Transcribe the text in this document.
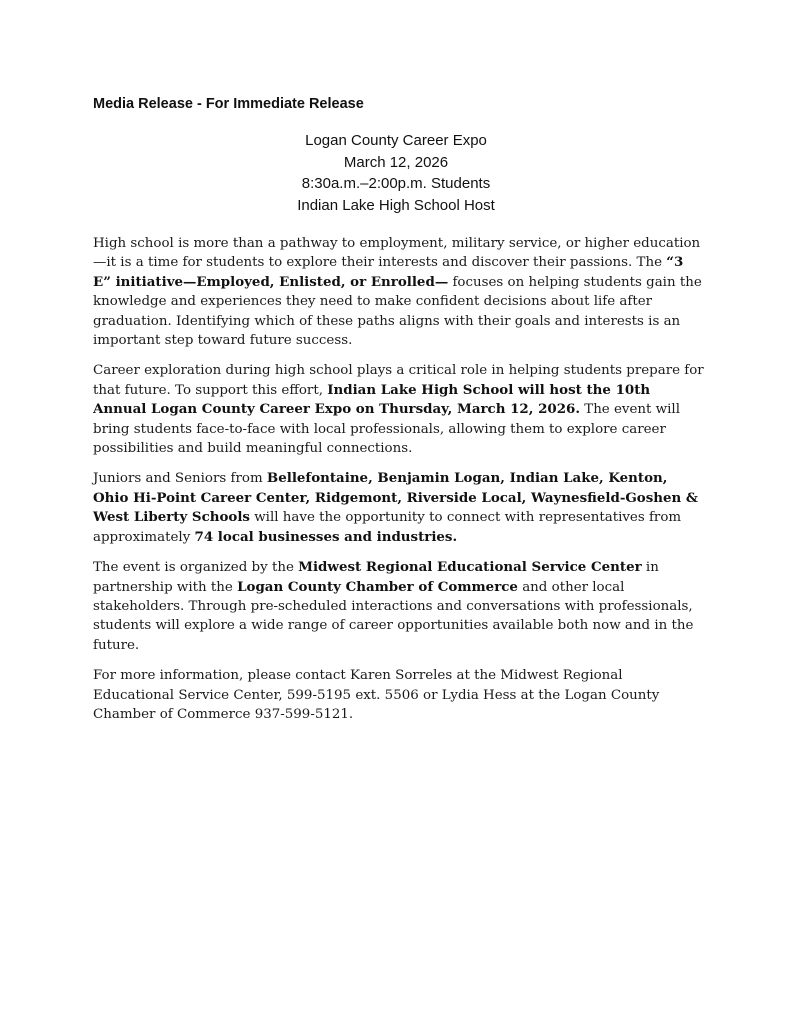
Media Release - For Immediate Release
Logan County Career Expo
March 12, 2026
8:30a.m.–2:00p.m. Students
Indian Lake High School Host

High school is more than a pathway to employment, military service, or higher education—it is a time for students to explore their interests and discover their passions. The “3 E” initiative—Employed, Enlisted, or Enrolled— focuses on helping students gain the knowledge and experiences they need to make confident decisions about life after graduation. Identifying which of these paths aligns with their goals and interests is an important step toward future success.

Career exploration during high school plays a critical role in helping students prepare for that future. To support this effort, Indian Lake High School will host the 10th Annual Logan County Career Expo on Thursday, March 12, 2026. The event will bring students face-to-face with local professionals, allowing them to explore career possibilities and build meaningful connections.

Juniors and Seniors from Bellefontaine, Benjamin Logan, Indian Lake, Kenton, Ohio Hi-Point Career Center, Ridgemont, Riverside Local, Waynesfield-Goshen & West Liberty Schools will have the opportunity to connect with representatives from approximately 74 local businesses and industries.

The event is organized by the Midwest Regional Educational Service Center in partnership with the Logan County Chamber of Commerce and other local stakeholders. Through pre-scheduled interactions and conversations with professionals, students will explore a wide range of career opportunities available both now and in the future.

For more information, please contact Karen Sorreles at the Midwest Regional Educational Service Center, 599-5195 ext. 5506 or Lydia Hess at the Logan County Chamber of Commerce 937-599-5121.
